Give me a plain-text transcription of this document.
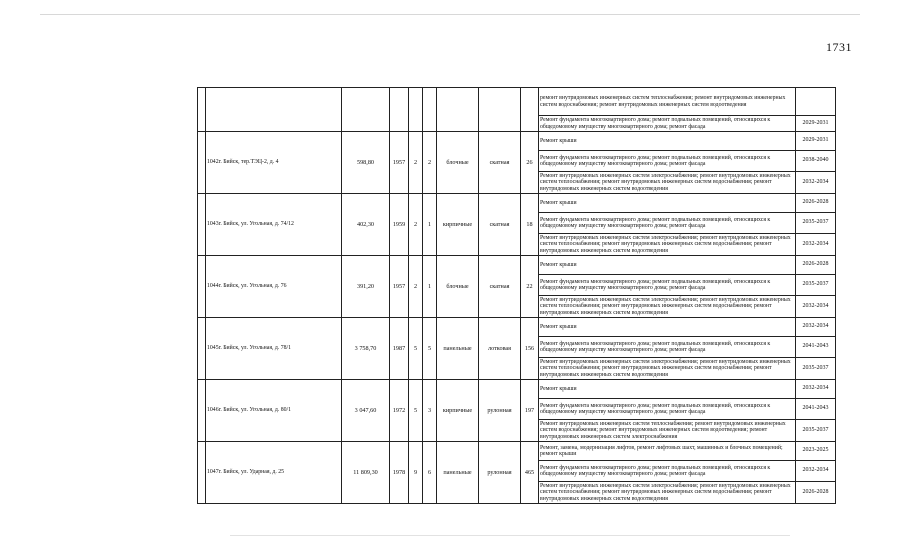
1731
									ремонт внутридомовых инженерных систем теплоснабжения; ремонт внутридомовых инженерных систем водоснабжения; ремонт внутридомовых инженерных систем водоотведения	
									Ремонт фундамента многоквартирного дома; ремонт подвальных помещений, относящихся к общедомовому имуществу многоквартирного дома; ремонт фасада	2029-2031
	1042г. Бийск, тер.ТЭЦ-2, д. 4	598,80	1957	2	2	блочные	скатная	26	Ремонт крыши	2029-2031
									Ремонт фундамента многоквартирного дома; ремонт подвальных помещений, относящихся к общедомовому имуществу многоквартирного дома; ремонт фасада	2038-2040
									Ремонт внутридомовых инженерных систем электроснабжения; ремонт внутридомовых инженерных систем теплоснабжения; ремонт внутридомовых инженерных систем водоснабжения; ремонт внутридомовых инженерных систем водоотведения	2032-2034
	1043г. Бийск, ул. Угольная, д. 74/12	402,30	1959	2	1	кирпичные	скатная	18	Ремонт крыши	2026-2028
									Ремонт фундамента многоквартирного дома; ремонт подвальных помещений, относящихся к общедомовому имуществу многоквартирного дома; ремонт фасада	2035-2037
									Ремонт внутридомовых инженерных систем электроснабжения; ремонт внутридомовых инженерных систем теплоснабжения; ремонт внутридомовых инженерных систем водоснабжения; ремонт внутридомовых инженерных систем водоотведения	2032-2034
	1044г. Бийск, ул. Угольная, д. 76	391,20	1957	2	1	блочные	скатная	22	Ремонт крыши	2026-2028
									Ремонт фундамента многоквартирного дома; ремонт подвальных помещений, относящихся к общедомовому имуществу многоквартирного дома; ремонт фасада	2035-2037
									Ремонт внутридомовых инженерных систем электроснабжения; ремонт внутридомовых инженерных систем теплоснабжения; ремонт внутридомовых инженерных систем водоснабжения; ремонт внутридомовых инженерных систем водоотведения	2032-2034
	1045г. Бийск, ул. Угольная, д. 78/1	3 758,70	1987	5	5	панельные	лотковая	156	Ремонт крыши	2032-2034
									Ремонт фундамента многоквартирного дома; ремонт подвальных помещений, относящихся к общедомовому имуществу многоквартирного дома; ремонт фасада	2041-2043
									Ремонт внутридомовых инженерных систем электроснабжения; ремонт внутридомовых инженерных систем теплоснабжения; ремонт внутридомовых инженерных систем водоснабжения; ремонт внутридомовых инженерных систем водоотведения	2035-2037
	1046г. Бийск, ул. Угольная, д. 80/1	3 047,60	1972	5	3	кирпичные	рулонная	197	Ремонт крыши	2032-2034
									Ремонт фундамента многоквартирного дома; ремонт подвальных помещений, относящихся к общедомовому имуществу многоквартирного дома; ремонт фасада	2041-2043
									Ремонт внутридомовых инженерных систем теплоснабжения; ремонт внутридомовых инженерных систем водоснабжения; ремонт внутридомовых инженерных систем водоотведения; ремонт внутридомовых инженерных систем электроснабжения	2035-2037
	1047г. Бийск, ул. Ударная, д. 25	11 809,30	1978	9	6	панельные	рулонная	465	Ремонт, замена, модернизация лифтов, ремонт лифтовых шахт, машинных и блочных помещений; ремонт крыши	2023-2025
									Ремонт фундамента многоквартирного дома; ремонт подвальных помещений, относящихся к общедомовому имуществу многоквартирного дома; ремонт фасада	2032-2034
									Ремонт внутридомовых инженерных систем электроснабжения; ремонт внутридомовых инженерных систем теплоснабжения; ремонт внутридомовых инженерных систем водоснабжения; ремонт внутридомовых инженерных систем водоотведения	2026-2028
